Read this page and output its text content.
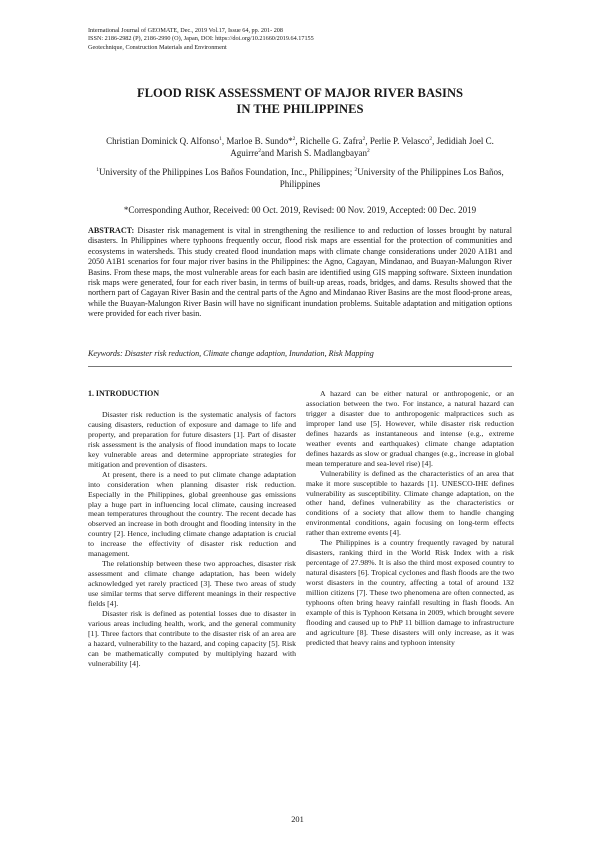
International Journal of GEOMATE, Dec., 2019 Vol.17, Issue 64, pp. 201- 208
ISSN: 2186-2982 (P), 2186-2990 (O), Japan, DOI: https://doi.org/10.21660/2019.64.17155
Geotechnique, Construction Materials and Environment
FLOOD RISK ASSESSMENT OF MAJOR RIVER BASINS
IN THE PHILIPPINES
Christian Dominick Q. Alfonso$^1$, Marloe B. Sundo*$^2$, Richelle G. Zafra$^2$, Perlie P. Velasco$^2$, Jedidiah Joel C. Aguirre$^2$and Marish S. Madlangbayan$^2$
$^1$University of the Philippines Los Baños Foundation, Inc., Philippines; $^2$University of the Philippines Los Baños, Philippines
*Corresponding Author, Received: 00 Oct. 2019, Revised: 00 Nov. 2019, Accepted: 00 Dec. 2019
ABSTRACT: Disaster risk management is vital in strengthening the resilience to and reduction of losses brought by natural disasters. In Philippines where typhoons frequently occur, flood risk maps are essential for the protection of communities and ecosystems in watersheds. This study created flood inundation maps with climate change considerations under 2020 A1B1 and 2050 A1B1 scenarios for four major river basins in the Philippines: the Agno, Cagayan, Mindanao, and Buayan-Malungon River Basins. From these maps, the most vulnerable areas for each basin are identified using GIS mapping software. Sixteen inundation risk maps were generated, four for each river basin, in terms of built-up areas, roads, bridges, and dams. Results showed that the northern part of Cagayan River Basin and the central parts of the Agno and Mindanao River Basins are the most flood-prone areas, while the Buayan-Malungon River Basin will have no significant inundation problems. Suitable adaptation and mitigation options were provided for each river basin.
Keywords: Disaster risk reduction, Climate change adaption, Inundation, Risk Mapping
1. INTRODUCTION

Disaster risk reduction is the systematic analysis of factors causing disasters, reduction of exposure and damage to life and property, and preparation for future disasters [1]. Part of disaster risk assessment is the analysis of flood inundation maps to locate key vulnerable areas and determine appropriate strategies for mitigation and prevention of disasters.

At present, there is a need to put climate change adaptation into consideration when planning disaster risk reduction. Especially in the Philippines, global greenhouse gas emissions play a huge part in influencing local climate, causing increased mean temperatures throughout the country. The recent decade has observed an increase in both drought and flooding intensity in the country [2]. Hence, including climate change adaptation is crucial to increase the effectivity of disaster risk reduction and management.

The relationship between these two approaches, disaster risk assessment and climate change adaptation, has been widely acknowledged yet rarely practiced [3]. These two areas of study use similar terms that serve different meanings in their respective fields [4].

Disaster risk is defined as potential losses due to disaster in various areas including health, work, and the general community [1]. Three factors that contribute to the disaster risk of an area are a hazard, vulnerability to the hazard, and coping capacity [5]. Risk can be mathematically computed by multiplying hazard with vulnerability [4].

A hazard can be either natural or anthropogenic, or an association between the two. For instance, a natural hazard can trigger a disaster due to anthropogenic malpractices such as improper land use [5]. However, while disaster risk reduction defines hazards as instantaneous and intense (e.g., extreme weather events and earthquakes) climate change adaptation defines hazards as slow or gradual changes (e.g., increase in global mean temperature and sea-level rise) [4].

Vulnerability is defined as the characteristics of an area that make it more susceptible to hazards [1]. UNESCO-IHE defines vulnerability as susceptibility. Climate change adaptation, on the other hand, defines vulnerability as the characteristics or conditions of a society that allow them to handle changing environmental conditions, again focusing on long-term effects rather than extreme events [4].

The Philippines is a country frequently ravaged by natural disasters, ranking third in the World Risk Index with a risk percentage of 27.98%. It is also the third most exposed country to natural disasters [6]. Tropical cyclones and flash floods are the two worst disasters in the country, affecting a total of around 132 million citizens [7]. These two phenomena are often connected, as typhoons often bring heavy rainfall resulting in flash floods. An example of this is Typhoon Ketsana in 2009, which brought severe flooding and caused up to PhP 11 billion damage to infrastructure and agriculture [8]. These disasters will only increase, as it was predicted that heavy rains and typhoon intensity

201
